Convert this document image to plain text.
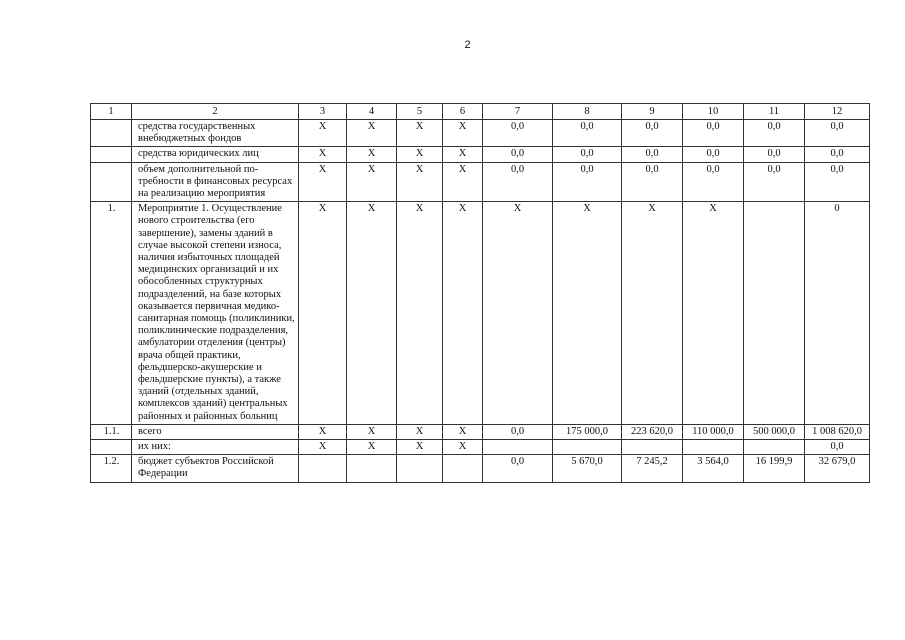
2
1	2	3	4	5	6	7	8	9	10	11	12
	средства государственных внебюджетных фондов	X	X	X	X	0,0	0,0	0,0	0,0	0,0	0,0
	средства юридических лиц	X	X	X	X	0,0	0,0	0,0	0,0	0,0	0,0
	объем дополнительной потребности в финансовых ресурсах на реализацию мероприятия	X	X	X	X	0,0	0,0	0,0	0,0	0,0	0,0
1.	Мероприятие 1. Осуществление нового строительства (его завершение), замены зданий в случае высокой степени износа, наличия избыточных площадей медицинских организаций и их обособленных структурных подразделений, на базе которых оказывается первичная медико-санитарная помощь (поликлиники, поликлинические подразделения, амбулатории отделения (центры) врача общей практики, фельдшерско-акушерские и фельдшерские пункты), а также зданий (отдельных зданий, комплексов зданий) центральных районных и районных больниц	X	X	X	X	X	X	X	X		0
1.1.	всего	X	X	X	X	0,0	175 000,0	223 620,0	110 000,0	500 000,0	1 008 620,0
	их них:	X	X	X	X						0,0
1.2.	бюджет субъектов Российской Федерации					0,0	5 670,0	7 245,2	3 564,0	16 199,9	32 679,0
